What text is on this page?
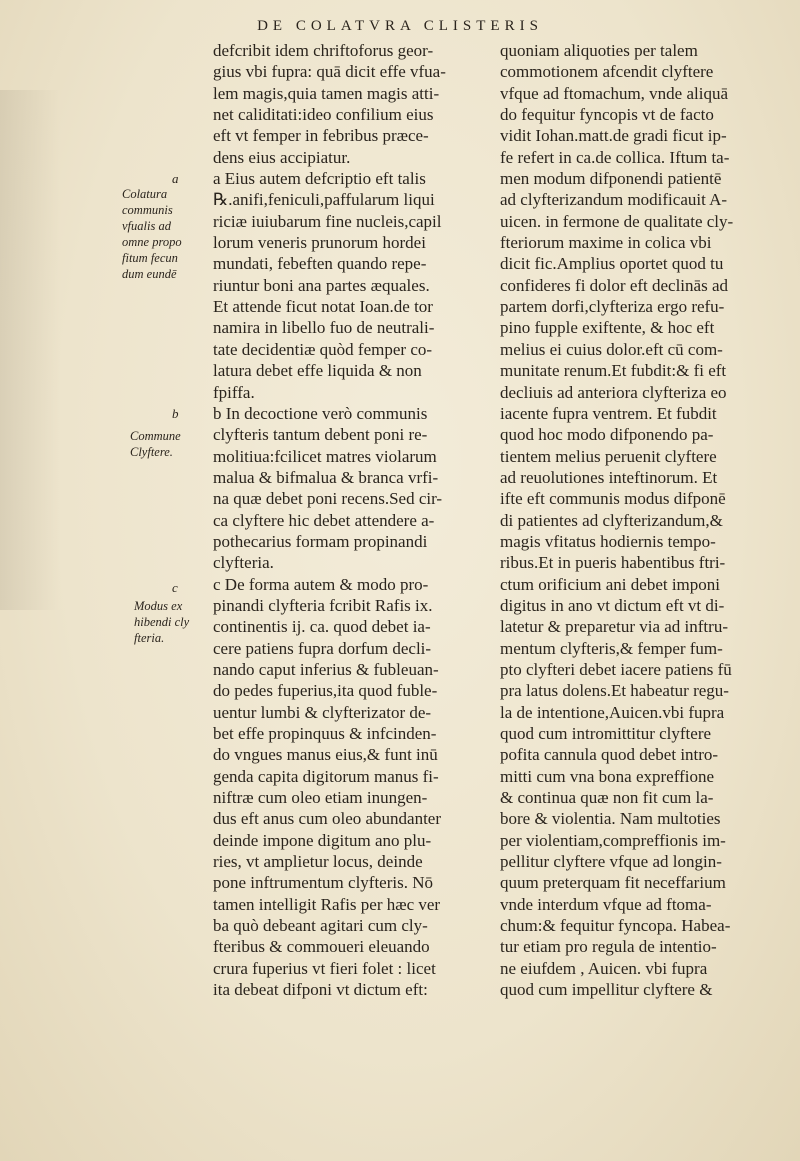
DE COLATVRA CLISTERIS
a
Colatura
communis
vfualis ad
omne propo
fitum fecun
dum eundē
b
Commune
Clyftere.
c
Modus ex
hibendi cly
fteria.
defcribit idem chriftoforus geor-
gius vbi fupra: quā dicit effe vfua-
lem magis,quia tamen magis atti-
net caliditati:ideo confilium eius
eft vt femper in febribus præce-
dens eius accipiatur.
a Eius autem defcriptio eft talis
℞.anifi,feniculi,paffularum liqui
riciæ iuiubarum fine nucleis,capil
lorum veneris prunorum hordei
mundati, febeften quando repe-
riuntur boni ana partes æquales.
Et attende ficut notat Ioan.de tor
namira in libello fuo de neutrali-
tate decidentiæ quòd femper co-
latura debet effe liquida & non
fpiffa.
b In decoctione verò communis
clyfteris tantum debent poni re-
molitiua:fcilicet matres violarum
malua & bifmalua & branca vrfi-
na quæ debet poni recens.Sed cir-
ca clyftere hic debet attendere a-
pothecarius formam propinandi
clyfteria.
c De forma autem & modo pro-
pinandi clyfteria fcribit Rafis ix.
continentis ij. ca. quod debet ia-
cere patiens fupra dorfum decli-
nando caput inferius & fubleuan-
do pedes fuperius,ita quod fuble-
uentur lumbi & clyfterizator de-
bet effe propinquus & infcinden-
do vngues manus eius,& funt inū
genda capita digitorum manus fi-
niftræ cum oleo etiam inungen-
dus eft anus cum oleo abundanter
deinde impone digitum ano plu-
ries, vt amplietur locus, deinde
pone inftrumentum clyfteris. Nō
tamen intelligit Rafis per hæc ver
ba quò debeant agitari cum cly-
fteribus & commoueri eleuando
crura fuperius vt fieri folet : licet
ita debeat difponi vt dictum eft:
quoniam aliquoties per talem
commotionem afcendit clyftere
vfque ad ftomachum, vnde aliquā
do fequitur fyncopis vt de facto
vidit Iohan.matt.de gradi ficut ip-
fe refert in ca.de collica. Iftum ta-
men modum difponendi patientē
ad clyfterizandum modificauit A-
uicen. in fermone de qualitate cly-
fteriorum maxime in colica vbi
dicit fic.Amplius oportet quod tu
confideres fi dolor eft declinās ad
partem dorfi,clyfteriza ergo refu-
pino fupple exiftente, & hoc eft
melius ei cuius dolor.eft cū com-
munitate renum.Et fubdit:& fi eft
decliuis ad anteriora clyfteriza eo
iacente fupra ventrem. Et fubdit
quod hoc modo difponendo pa-
tientem melius peruenit clyftere
ad reuolutiones inteftinorum. Et
ifte eft communis modus difponē
di patientes ad clyfterizandum,&
magis vfitatus hodiernis tempo-
ribus.Et in pueris habentibus ftri-
ctum orificium ani debet imponi
digitus in ano vt dictum eft vt di-
latetur & preparetur via ad inftru-
mentum clyfteris,& femper fum-
pto clyfteri debet iacere patiens fū
pra latus dolens.Et habeatur regu-
la de intentione,Auicen.vbi fupra
quod cum intromittitur clyftere
pofita cannula quod debet intro-
mitti cum vna bona expreffione
& continua quæ non fit cum la-
bore & violentia. Nam multoties
per violentiam,compreffionis im-
pellitur clyftere vfque ad longin-
quum preterquam fit neceffarium
vnde interdum vfque ad ftoma-
chum:& fequitur fyncopa. Habea-
tur etiam pro regula de intentio-
ne eiufdem , Auicen. vbi fupra
quod cum impellitur clyftere &
